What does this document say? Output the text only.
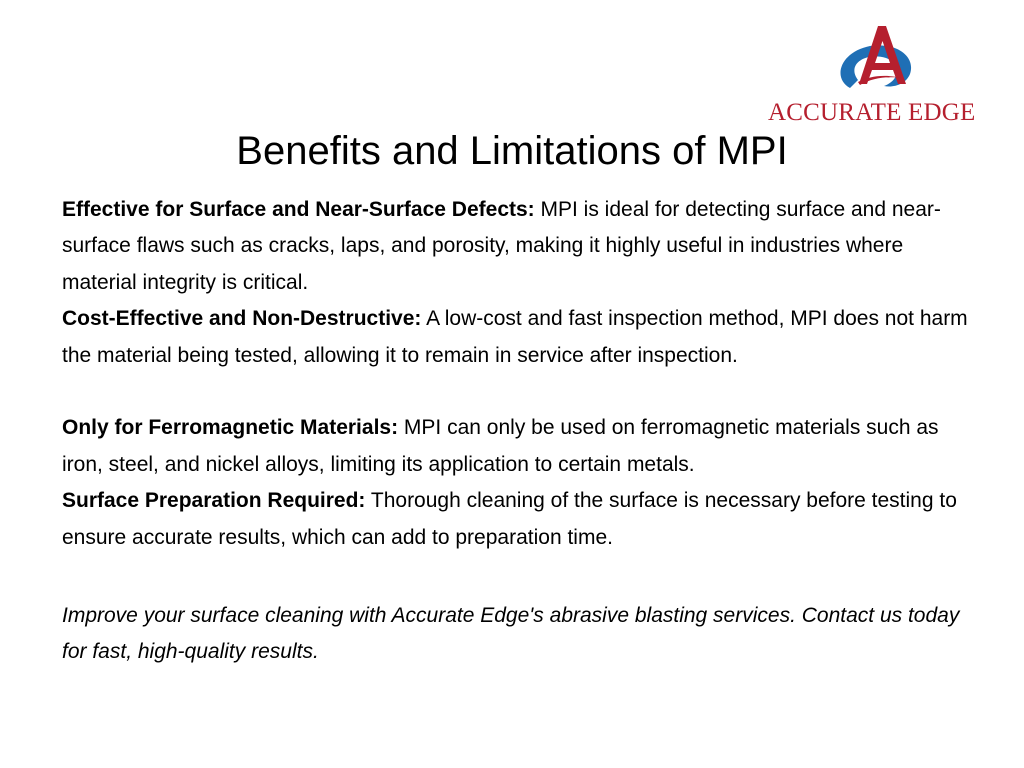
ACCURATE EDGE
Benefits and Limitations of MPI

Effective for Surface and Near-Surface Defects: MPI is ideal for detecting surface and near-surface flaws such as cracks, laps, and porosity, making it highly useful in industries where material integrity is critical.

Cost-Effective and Non-Destructive: A low-cost and fast inspection method, MPI does not harm the material being tested, allowing it to remain in service after inspection.

Only for Ferromagnetic Materials: MPI can only be used on ferromagnetic materials such as iron, steel, and nickel alloys, limiting its application to certain metals.

Surface Preparation Required: Thorough cleaning of the surface is necessary before testing to ensure accurate results, which can add to preparation time.

Improve your surface cleaning with Accurate Edge's abrasive blasting services. Contact us today for fast, high-quality results.
